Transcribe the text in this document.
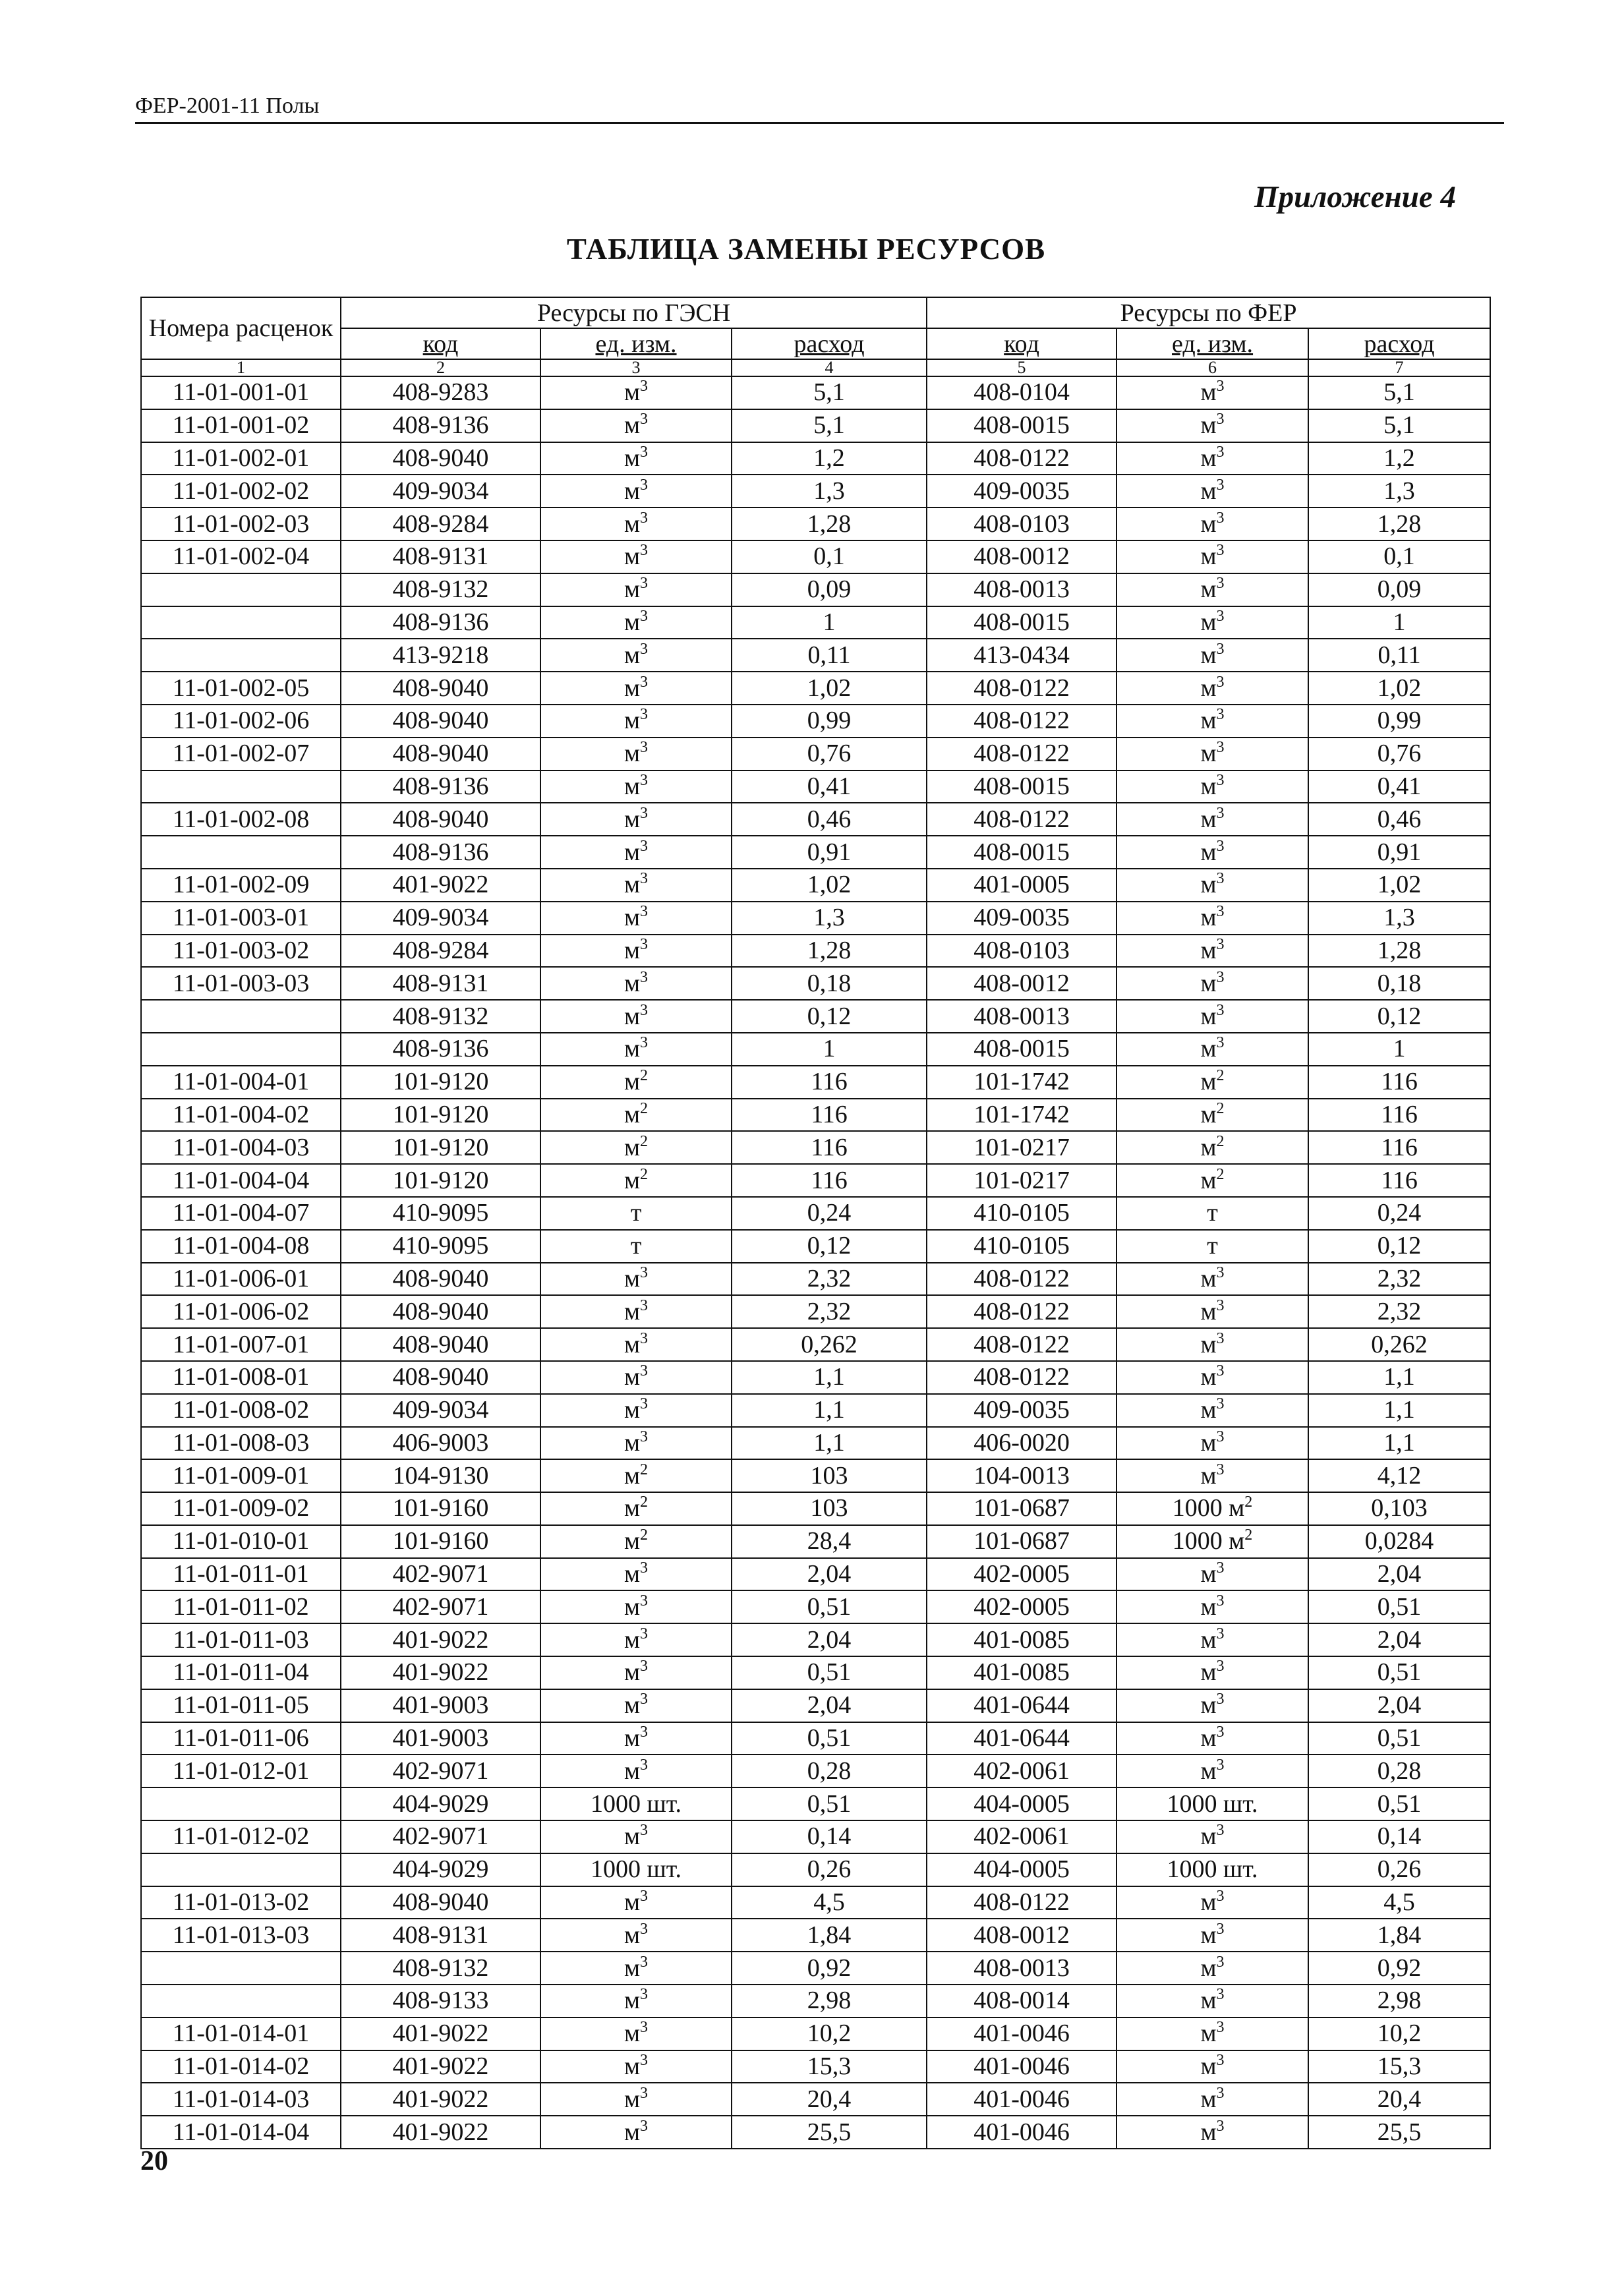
ФЕР-2001-11 Полы
Приложение 4
ТАБЛИЦА ЗАМЕНЫ РЕСУРСОВ
Номера расценок	Ресурсы по ГЭСН			Ресурсы по ФЕР		
	код	ед. изм.	расход	код	ед. изм.	расход
1	2	3	4	5	6	7
11-01-001-01	408-9283	$м^3$	5,1	408-0104	$м^3$	5,1
11-01-001-02	408-9136	$м^3$	5,1	408-0015	$м^3$	5,1
11-01-002-01	408-9040	$м^3$	1,2	408-0122	$м^3$	1,2
11-01-002-02	409-9034	$м^3$	1,3	409-0035	$м^3$	1,3
11-01-002-03	408-9284	$м^3$	1,28	408-0103	$м^3$	1,28
11-01-002-04	408-9131	$м^3$	0,1	408-0012	$м^3$	0,1
	408-9132	$м^3$	0,09	408-0013	$м^3$	0,09
	408-9136	$м^3$	1	408-0015	$м^3$	1
	413-9218	$м^3$	0,11	413-0434	$м^3$	0,11
11-01-002-05	408-9040	$м^3$	1,02	408-0122	$м^3$	1,02
11-01-002-06	408-9040	$м^3$	0,99	408-0122	$м^3$	0,99
11-01-002-07	408-9040	$м^3$	0,76	408-0122	$м^3$	0,76
	408-9136	$м^3$	0,41	408-0015	$м^3$	0,41
11-01-002-08	408-9040	$м^3$	0,46	408-0122	$м^3$	0,46
	408-9136	$м^3$	0,91	408-0015	$м^3$	0,91
11-01-002-09	401-9022	$м^3$	1,02	401-0005	$м^3$	1,02
11-01-003-01	409-9034	$м^3$	1,3	409-0035	$м^3$	1,3
11-01-003-02	408-9284	$м^3$	1,28	408-0103	$м^3$	1,28
11-01-003-03	408-9131	$м^3$	0,18	408-0012	$м^3$	0,18
	408-9132	$м^3$	0,12	408-0013	$м^3$	0,12
	408-9136	$м^3$	1	408-0015	$м^3$	1
11-01-004-01	101-9120	$м^2$	116	101-1742	$м^2$	116
11-01-004-02	101-9120	$м^2$	116	101-1742	$м^2$	116
11-01-004-03	101-9120	$м^2$	116	101-0217	$м^2$	116
11-01-004-04	101-9120	$м^2$	116	101-0217	$м^2$	116
11-01-004-07	410-9095	т	0,24	410-0105	т	0,24
11-01-004-08	410-9095	т	0,12	410-0105	т	0,12
11-01-006-01	408-9040	$м^3$	2,32	408-0122	$м^3$	2,32
11-01-006-02	408-9040	$м^3$	2,32	408-0122	$м^3$	2,32
11-01-007-01	408-9040	$м^3$	0,262	408-0122	$м^3$	0,262
11-01-008-01	408-9040	$м^3$	1,1	408-0122	$м^3$	1,1
11-01-008-02	409-9034	$м^3$	1,1	409-0035	$м^3$	1,1
11-01-008-03	406-9003	$м^3$	1,1	406-0020	$м^3$	1,1
11-01-009-01	104-9130	$м^2$	103	104-0013	$м^3$	4,12
11-01-009-02	101-9160	$м^2$	103	101-0687	1000 $м^2$	0,103
11-01-010-01	101-9160	$м^2$	28,4	101-0687	1000 $м^2$	0,0284
11-01-011-01	402-9071	$м^3$	2,04	402-0005	$м^3$	2,04
11-01-011-02	402-9071	$м^3$	0,51	402-0005	$м^3$	0,51
11-01-011-03	401-9022	$м^3$	2,04	401-0085	$м^3$	2,04
11-01-011-04	401-9022	$м^3$	0,51	401-0085	$м^3$	0,51
11-01-011-05	401-9003	$м^3$	2,04	401-0644	$м^3$	2,04
11-01-011-06	401-9003	$м^3$	0,51	401-0644	$м^3$	0,51
11-01-012-01	402-9071	$м^3$	0,28	402-0061	$м^3$	0,28
	404-9029	1000 шт.	0,51	404-0005	1000 шт.	0,51
11-01-012-02	402-9071	$м^3$	0,14	402-0061	$м^3$	0,14
	404-9029	1000 шт.	0,26	404-0005	1000 шт.	0,26
11-01-013-02	408-9040	$м^3$	4,5	408-0122	$м^3$	4,5
11-01-013-03	408-9131	$м^3$	1,84	408-0012	$м^3$	1,84
	408-9132	$м^3$	0,92	408-0013	$м^3$	0,92
	408-9133	$м^3$	2,98	408-0014	$м^3$	2,98
11-01-014-01	401-9022	$м^3$	10,2	401-0046	$м^3$	10,2
11-01-014-02	401-9022	$м^3$	15,3	401-0046	$м^3$	15,3
11-01-014-03	401-9022	$м^3$	20,4	401-0046	$м^3$	20,4
11-01-014-04	401-9022	$м^3$	25,5	401-0046	$м^3$	25,5
20
